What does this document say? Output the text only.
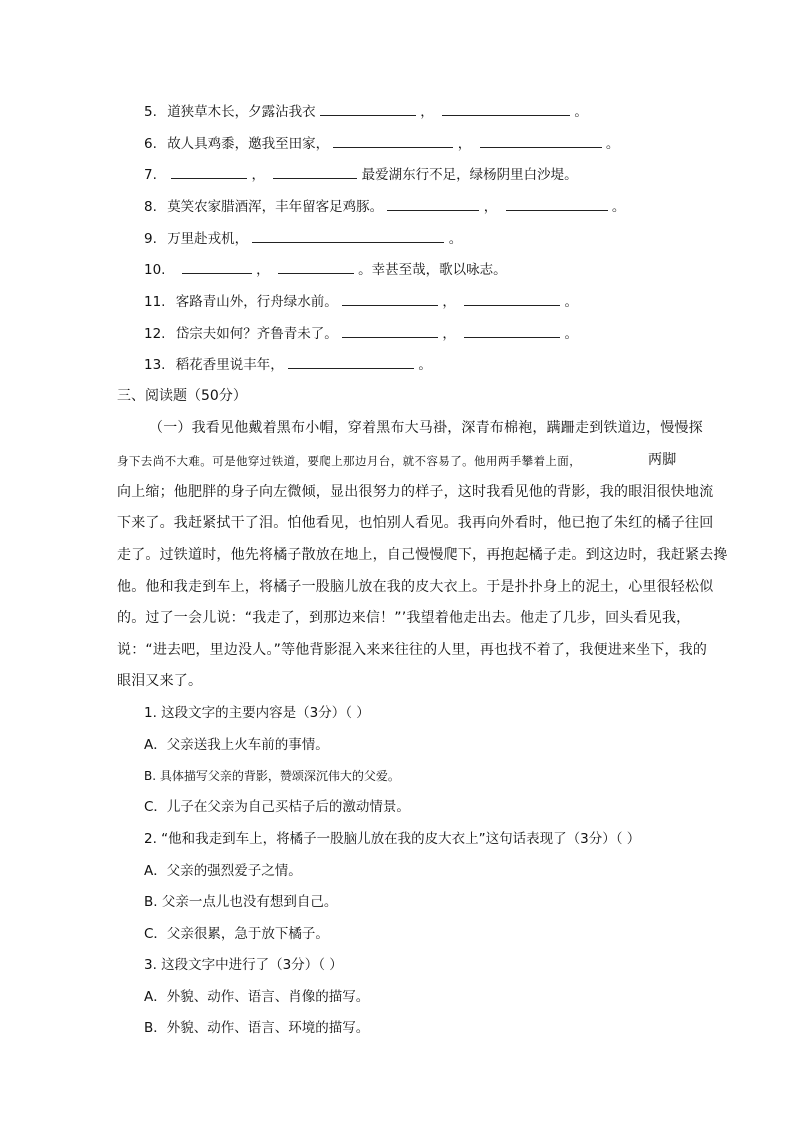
5. 道狭草木长，夕露沾我衣	，	。
6. 故人具鸡黍，邀我至田家，	，	。
7.	，	最爱湖东行不足，绿杨阴里白沙堤。
8. 莫笑农家腊酒浑，丰年留客足鸡豚。	，	。
9. 万里赴戎机，	。
10.	，	。幸甚至哉，歌以咏志。
11. 客路青山外，行舟绿水前。	，	。
12. 岱宗夫如何？齐鲁青未了。	，	。
13. 稻花香里说丰年，	。
三、阅读题（50分）
（一）我看见他戴着黑布小帽，穿着黑布大马褂，深青布棉袍，蹒跚走到铁道边，慢慢探
身下去尚不大难。可是他穿过铁道，要爬上那边月台，就不容易了。他用两手攀着上面，	两脚
向上缩；他肥胖的身子向左微倾，显出很努力的样子，这时我看见他的背影，我的眼泪很快地流
下来了。我赶紧拭干了泪。怕他看见，也怕别人看见。我再向外看时，他已抱了朱红的橘子往回
走了。过铁道时，他先将橘子散放在地上，自己慢慢爬下，再抱起橘子走。到这边时，我赶紧去搀
他。他和我走到车上，将橘子一股脑儿放在我的皮大衣上。于是扑扑身上的泥土，心里很轻松似
的。过了一会儿说：“我走了，到那边来信！”’我望着他走出去。他走了几步，回头看见我，
说：“进去吧，里边没人。”等他背影混入来来往往的人里，再也找不着了，我便进来坐下，我的
眼泪又来了。
1. 这段文字的主要内容是（3分）（ ）
A．父亲送我上火车前的事情。
B. 具体描写父亲的背影，赞颂深沉伟大的父爱。
C．儿子在父亲为自己买桔子后的激动情景。
2. “他和我走到车上，将橘子一股脑儿放在我的皮大衣上”这句话表现了（3分）（ ）
A．父亲的强烈爱子之情。
B. 父亲一点儿也没有想到自己。
C．父亲很累，急于放下橘子。
3. 这段文字中进行了（3分）（ ）
A．外貌、动作、语言、肖像的描写。
B．外貌、动作、语言、环境的描写。
